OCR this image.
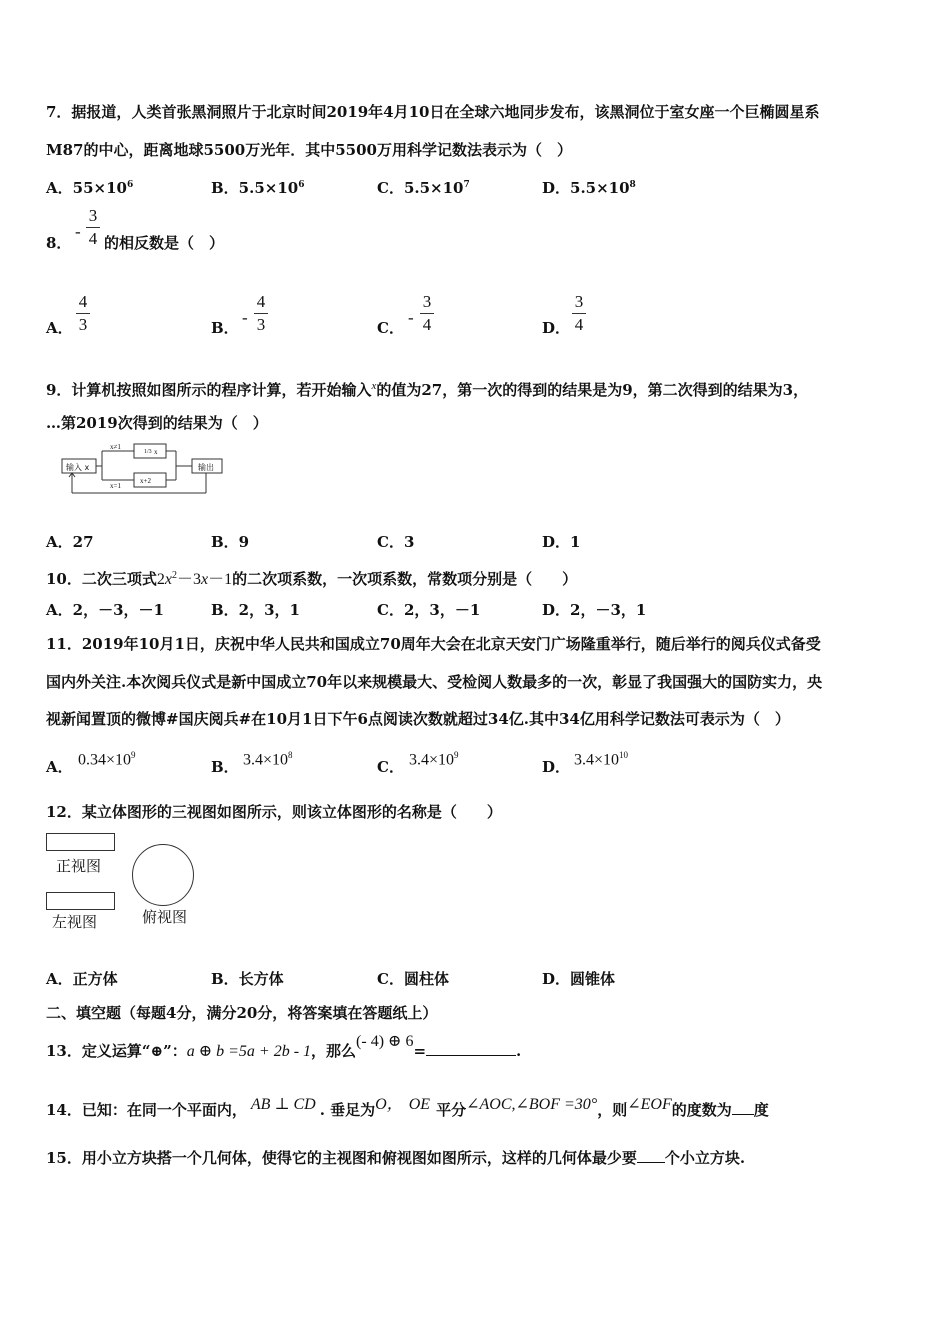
7．据报道，人类首张黑洞照片于北京时间2019年4月10日在全球六地同步发布，该黑洞位于室女座一个巨椭圆星系
M87的中心，距离地球5500万光年．其中5500万用科学记数法表示为（　）
A．$55\times 10^6$	B．$5.5\times 10^6$	C．$5.5\times 10^7$	D．$5.5\times 10^8$
8．
-
3
4 的相反数是（　）
A．
4
3	B．
-
4
3	C．
-
3
4	D．
3
4
9．计算机按照如图所示的程序计算，若开始输入$^x$的值为27，第一次的得到的结果是为9，第二次得到的结果为3，
…第2019次得到的结果为（　）
输入 x
x≠1
1/3 x
x=1
x+2
输出
A．27	B．9	C．3	D．1
10．二次三项式$2x^2-3x-1$的二次项系数，一次项系数，常数项分别是（　　）
A．2，－3，－1	B．2，3，1	C．2，3，－1	D．2，－3，1
11．2019年10月1日，庆祝中华人民共和国成立70周年大会在北京天安门广场隆重举行，随后举行的阅兵仪式备受
国内外关注.本次阅兵仪式是新中国成立70年以来规模最大、受检阅人数最多的一次，彰显了我国强大的国防实力，央
视新闻置顶的微博#国庆阅兵#在10月1日下午6点阅读次数就超过34亿.其中34亿用科学记数法可表示为（　）
A． $0.34\times 10^9$
B． $3.4\times 10^8$
C． $3.4\times 10^9$
D． $3.4\times 10^{10}$
12．某立体图形的三视图如图所示，则该立体图形的名称是（　　）
正视图
左视图	俯视图
A．正方体	B．长方体	C．圆柱体	D．圆锥体
二、填空题（每题4分，满分20分，将答案填在答题纸上）
13．定义运算“⊕”：a ⊕ b =5a + 2b - 1，那么(- 4) ⊕ 6=	.
14．已知：在同一个平面内， AB ⊥ CD . 垂足为O， OE 平分∠AOC,∠BOF =30°，则∠EOF的度数为 度
15．用小立方块搭一个几何体，使得它的主视图和俯视图如图所示，这样的几何体最少要 个小立方块.
